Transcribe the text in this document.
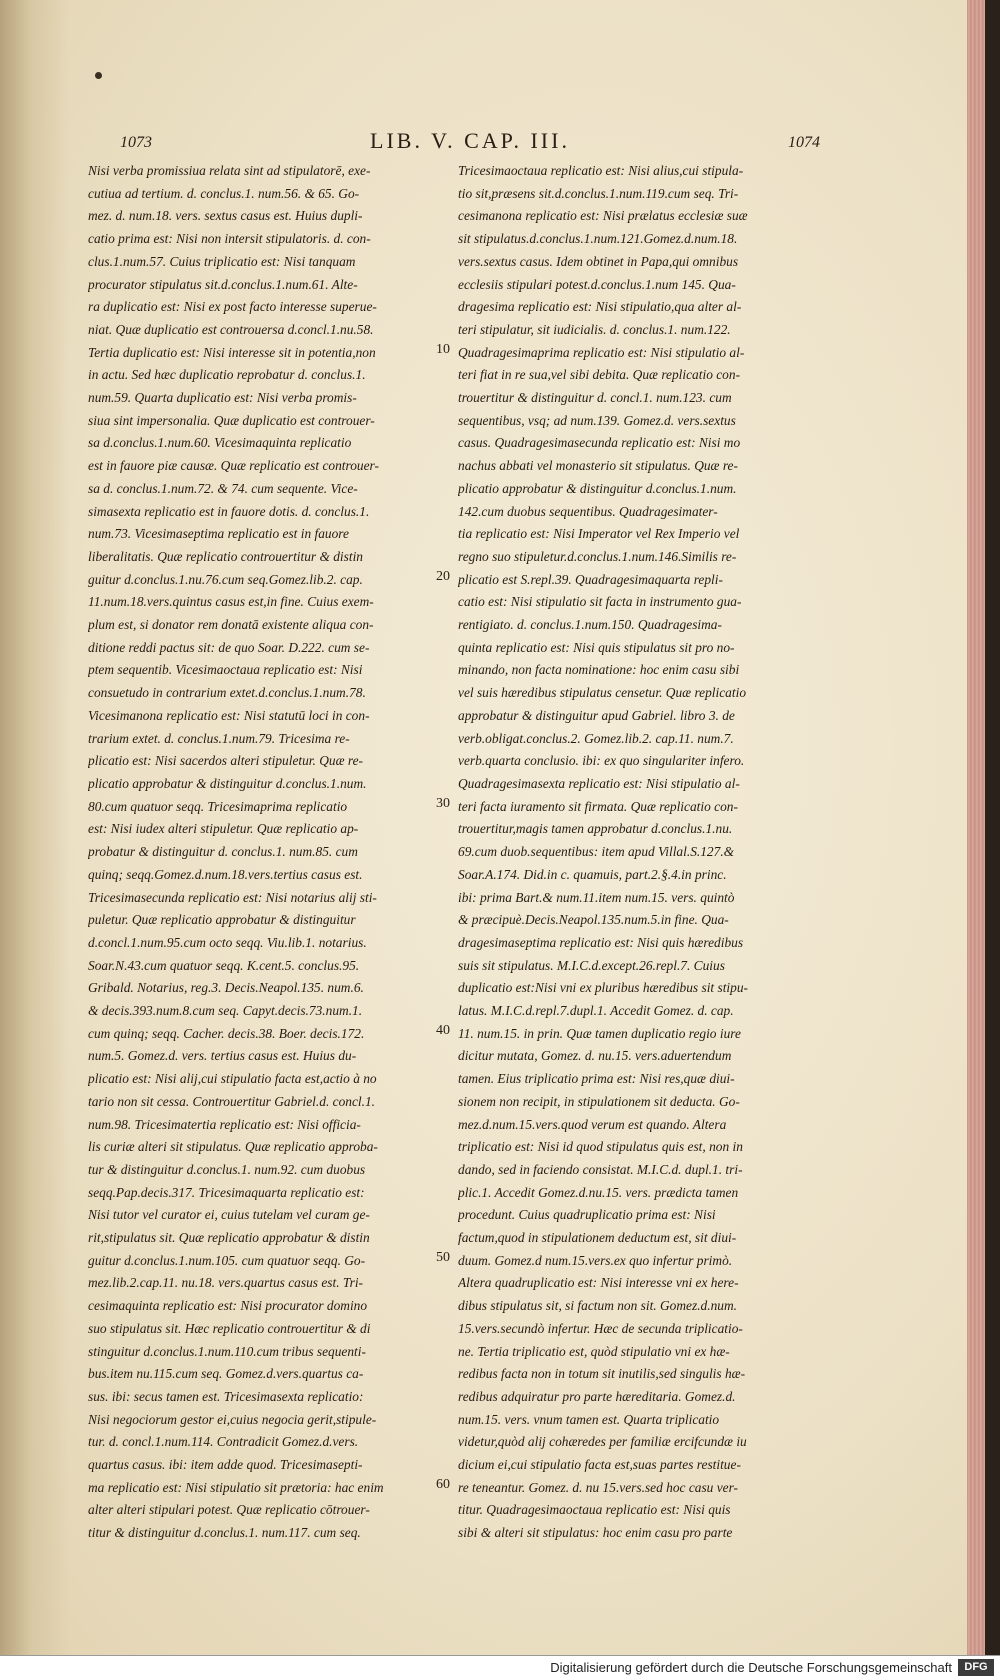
1073	LIB. V. CAP. III.	1074
Nisi verba promissiua relata sint ad stipulatorē, exe-
cutiua ad tertium. d. conclus.1. num.56. & 65. Go-
mez. d. num.18. vers. sextus casus est. Huius dupli-
catio prima est: Nisi non intersit stipulatoris. d. con-
clus.1.num.57. Cuius triplicatio est: Nisi tanquam
procurator stipulatus sit.d.conclus.1.num.61. Alte-
ra duplicatio est: Nisi ex post facto interesse superue-
niat. Quæ duplicatio est controuersa d.concl.1.nu.58.
Tertia duplicatio est: Nisi interesse sit in potentia,non
in actu. Sed hæc duplicatio reprobatur d. conclus.1.
num.59. Quarta duplicatio est: Nisi verba promis-
siua sint impersonalia. Quæ duplicatio est controuer-
sa d.conclus.1.num.60. Vicesimaquinta replicatio
est in fauore piæ causæ. Quæ replicatio est controuer-
sa d. conclus.1.num.72. & 74. cum sequente. Vice-
simasexta replicatio est in fauore dotis. d. conclus.1.
num.73. Vicesimaseptima replicatio est in fauore
liberalitatis. Quæ replicatio controuertitur & distin
guitur d.conclus.1.nu.76.cum seq.Gomez.lib.2. cap.
11.num.18.vers.quintus casus est,in fine. Cuius exem-
plum est, si donator rem donatā existente aliqua con-
ditione reddi pactus sit: de quo Soar. D.222. cum se-
ptem sequentib. Vicesimaoctaua replicatio est: Nisi
consuetudo in contrarium extet.d.conclus.1.num.78.
Vicesimanona replicatio est: Nisi statutū loci in con-
trarium extet. d. conclus.1.num.79. Tricesima re-
plicatio est: Nisi sacerdos alteri stipuletur. Quæ re-
plicatio approbatur & distinguitur d.conclus.1.num.
80.cum quatuor seqq. Tricesimaprima replicatio
est: Nisi iudex alteri stipuletur. Quæ replicatio ap-
probatur & distinguitur d. conclus.1. num.85. cum
quinq; seqq.Gomez.d.num.18.vers.tertius casus est.
Tricesimasecunda replicatio est: Nisi notarius alij sti-
puletur. Quæ replicatio approbatur & distinguitur
d.concl.1.num.95.cum octo seqq. Viu.lib.1. notarius.
Soar.N.43.cum quatuor seqq. K.cent.5. conclus.95.
Gribald. Notarius, reg.3. Decis.Neapol.135. num.6.
& decis.393.num.8.cum seq. Capyt.decis.73.num.1.
cum quinq; seqq. Cacher. decis.38. Boer. decis.172.
num.5. Gomez.d. vers. tertius casus est. Huius du-
plicatio est: Nisi alij,cui stipulatio facta est,actio à no
tario non sit cessa. Controuertitur Gabriel.d. concl.1.
num.98. Tricesimatertia replicatio est: Nisi officia-
lis curiæ alteri sit stipulatus. Quæ replicatio approba-
tur & distinguitur d.conclus.1. num.92. cum duobus
seqq.Pap.decis.317. Tricesimaquarta replicatio est:
Nisi tutor vel curator ei, cuius tutelam vel curam ge-
rit,stipulatus sit. Quæ replicatio approbatur & distin
guitur d.conclus.1.num.105. cum quatuor seqq. Go-
mez.lib.2.cap.11. nu.18. vers.quartus casus est. Tri-
cesimaquinta replicatio est: Nisi procurator domino
suo stipulatus sit. Hæc replicatio controuertitur & di
stinguitur d.conclus.1.num.110.cum tribus sequenti-
bus.item nu.115.cum seq. Gomez.d.vers.quartus ca-
sus. ibi: secus tamen est. Tricesimasexta replicatio:
Nisi negociorum gestor ei,cuius negocia gerit,stipule-
tur. d. concl.1.num.114. Contradicit Gomez.d.vers.
quartus casus. ibi: item adde quod. Tricesimasepti-
ma replicatio est: Nisi stipulatio sit prætoria: hac enim
alter alteri stipulari potest. Quæ replicatio cōtrouer-
titur & distinguitur d.conclus.1. num.117. cum seq.
Tricesimaoctaua replicatio est: Nisi alius,cui stipula-
tio sit,præsens sit.d.conclus.1.num.119.cum seq. Tri-
cesimanona replicatio est: Nisi prælatus ecclesiæ suæ
sit stipulatus.d.conclus.1.num.121.Gomez.d.num.18.
vers.sextus casus. Idem obtinet in Papa,qui omnibus
ecclesiis stipulari potest.d.conclus.1.num 145. Qua-
dragesima replicatio est: Nisi stipulatio,qua alter al-
teri stipulatur, sit iudicialis. d. conclus.1. num.122.
Quadragesimaprima replicatio est: Nisi stipulatio al-
teri fiat in re sua,vel sibi debita. Quæ replicatio con-
trouertitur & distinguitur d. concl.1. num.123. cum
sequentibus, vsq; ad num.139. Gomez.d. vers.sextus
casus. Quadragesimasecunda replicatio est: Nisi mo
nachus abbati vel monasterio sit stipulatus. Quæ re-
plicatio approbatur & distinguitur d.conclus.1.num.
142.cum duobus sequentibus. Quadragesimater-
tia replicatio est: Nisi Imperator vel Rex Imperio vel
regno suo stipuletur.d.conclus.1.num.146.Similis re-
plicatio est S.repl.39. Quadragesimaquarta repli-
catio est: Nisi stipulatio sit facta in instrumento gua-
rentigiato. d. conclus.1.num.150. Quadragesima-
quinta replicatio est: Nisi quis stipulatus sit pro no-
minando, non facta nominatione: hoc enim casu sibi
vel suis hæredibus stipulatus censetur. Quæ replicatio
approbatur & distinguitur apud Gabriel. libro 3. de
verb.obligat.conclus.2. Gomez.lib.2. cap.11. num.7.
verb.quarta conclusio. ibi: ex quo singulariter infero.
Quadragesimasexta replicatio est: Nisi stipulatio al-
teri facta iuramento sit firmata. Quæ replicatio con-
trouertitur,magis tamen approbatur d.conclus.1.nu.
69.cum duob.sequentibus: item apud Villal.S.127.&
Soar.A.174. Did.in c. quamuis, part.2.§.4.in princ.
ibi: prima Bart.& num.11.item num.15. vers. quintò
& præcipuè.Decis.Neapol.135.num.5.in fine. Qua-
dragesimaseptima replicatio est: Nisi quis hæredibus
suis sit stipulatus. M.I.C.d.except.26.repl.7. Cuius
duplicatio est:Nisi vni ex pluribus hæredibus sit stipu-
latus. M.I.C.d.repl.7.dupl.1. Accedit Gomez. d. cap.
11. num.15. in prin. Quæ tamen duplicatio regio iure
dicitur mutata, Gomez. d. nu.15. vers.aduertendum
tamen. Eius triplicatio prima est: Nisi res,quæ diui-
sionem non recipit, in stipulationem sit deducta. Go-
mez.d.num.15.vers.quod verum est quando. Altera
triplicatio est: Nisi id quod stipulatus quis est, non in
dando, sed in faciendo consistat. M.I.C.d. dupl.1. tri-
plic.1. Accedit Gomez.d.nu.15. vers. prædicta tamen
procedunt. Cuius quadruplicatio prima est: Nisi
factum,quod in stipulationem deductum est, sit diui-
duum. Gomez.d num.15.vers.ex quo infertur primò.
Altera quadruplicatio est: Nisi interesse vni ex here-
dibus stipulatus sit, si factum non sit. Gomez.d.num.
15.vers.secundò infertur. Hæc de secunda triplicatio-
ne. Tertia triplicatio est, quòd stipulatio vni ex hæ-
redibus facta non in totum sit inutilis,sed singulis hæ-
redibus adquiratur pro parte hæreditaria. Gomez.d.
num.15. vers. vnum tamen est. Quarta triplicatio
videtur,quòd alij cohæredes per familiæ ercifcundæ iu
dicium ei,cui stipulatio facta est,suas partes restitue-
re teneantur. Gomez. d. nu 15.vers.sed hoc casu ver-
titur. Quadragesimaoctaua replicatio est: Nisi quis
sibi & alteri sit stipulatus: hoc enim casu pro parte
10
20
30
40
50
60
Digitalisierung gefördert durch die Deutsche Forschungsgemeinschaft	DFG
